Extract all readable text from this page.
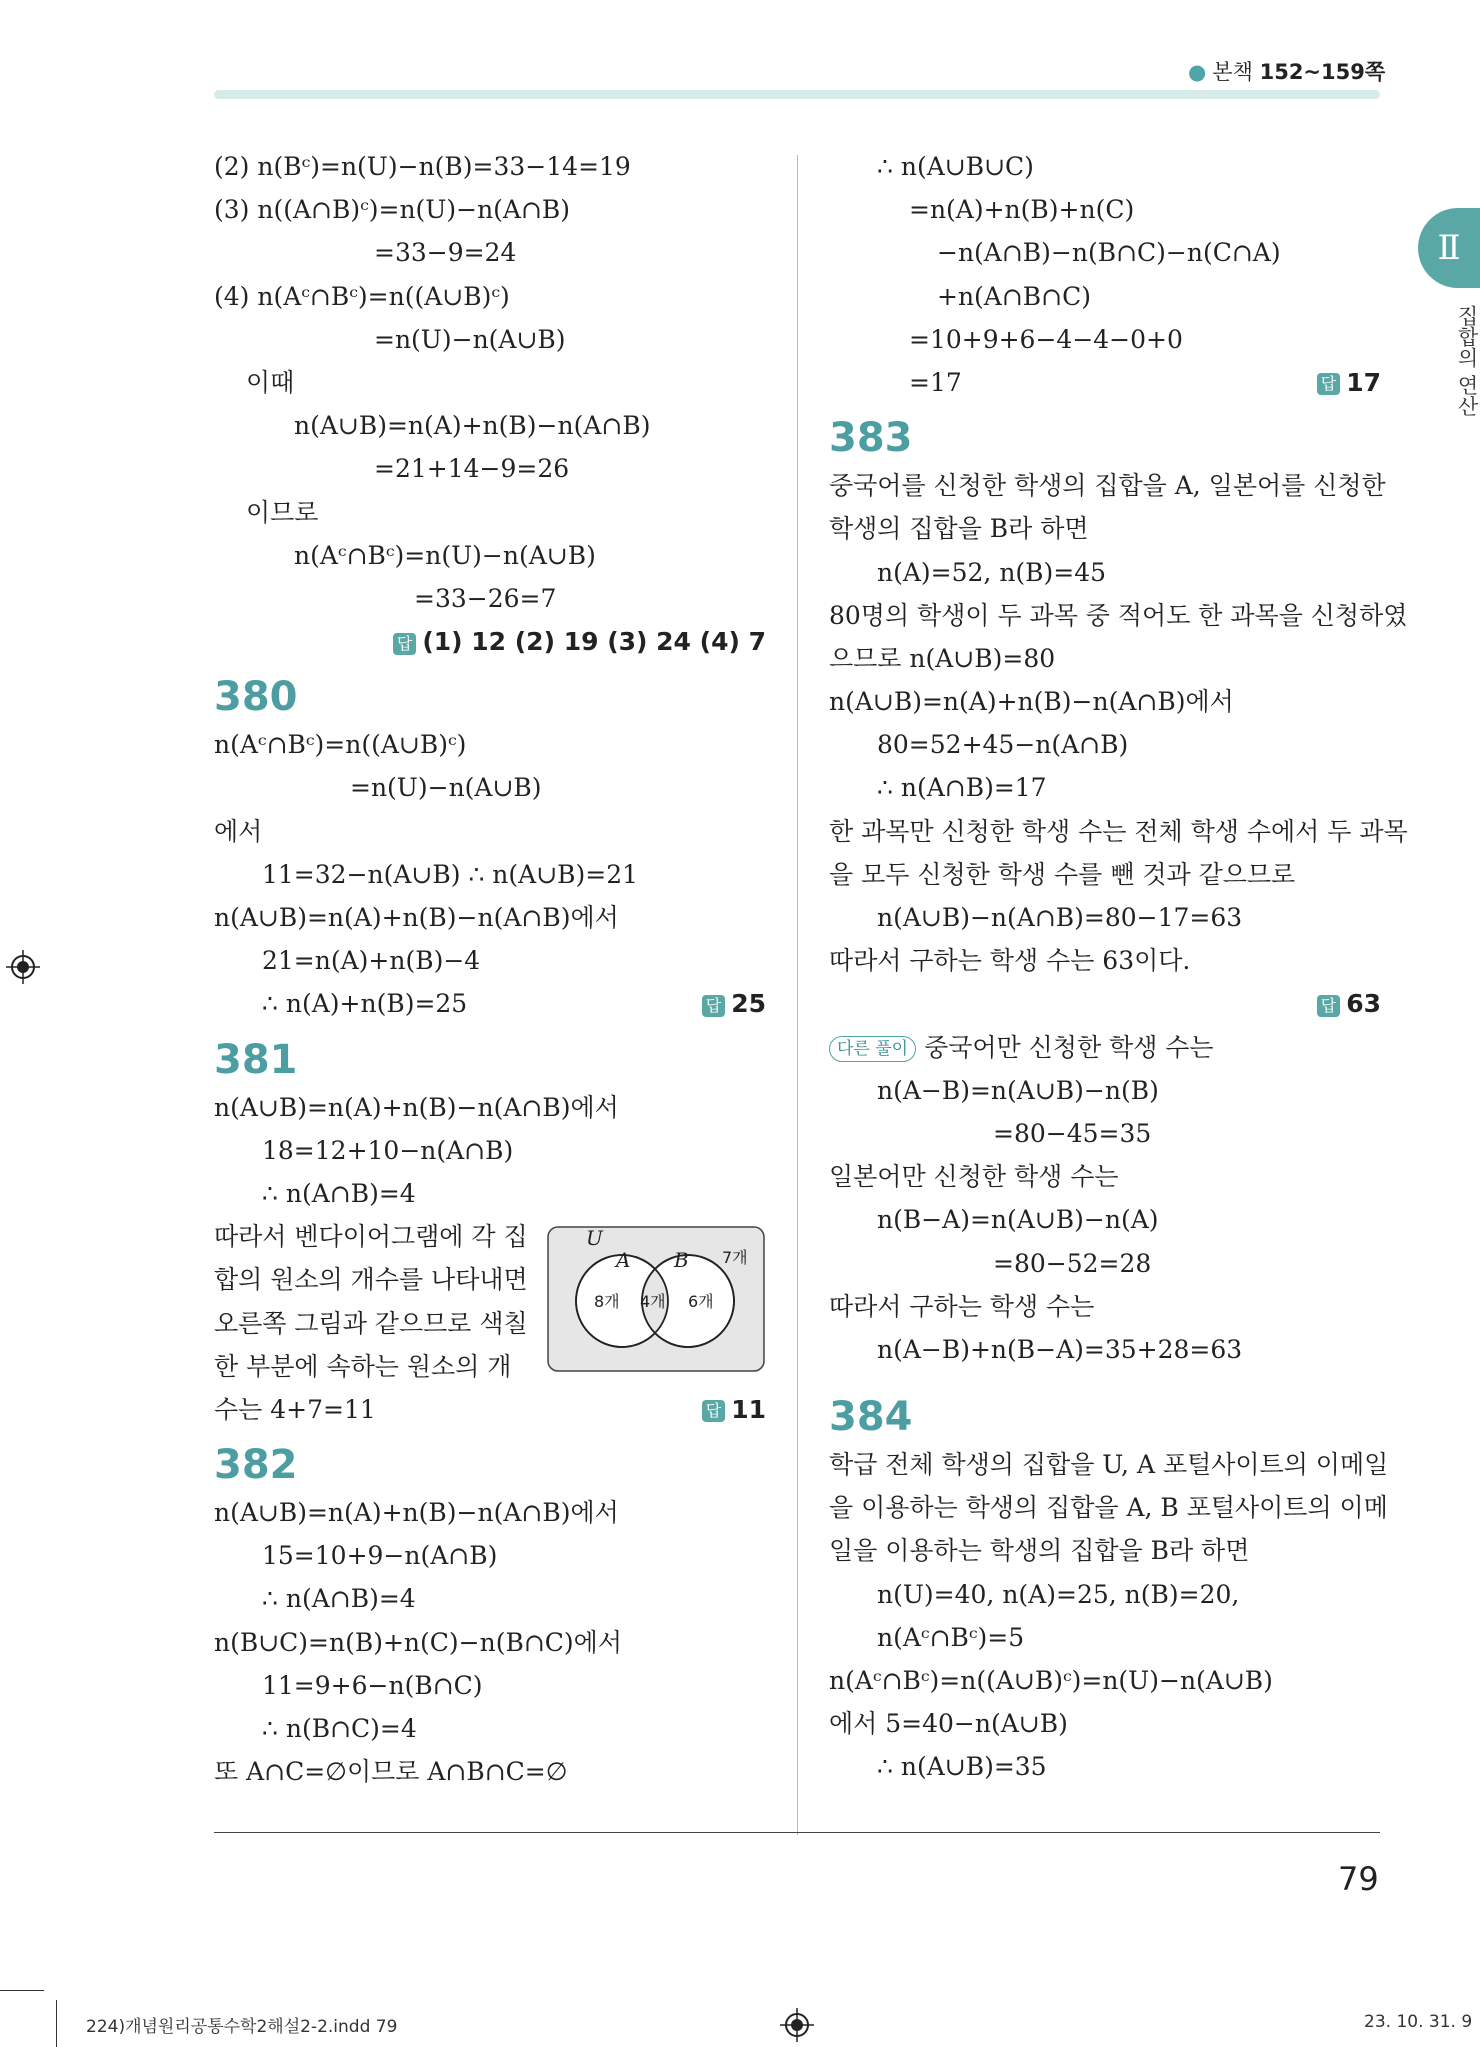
● 본책 152~159쪽
Ⅱ
집합의 연산
(2) n(Bᶜ)=n(U)−n(B)=33−14=19
(3) n((A∩B)ᶜ)=n(U)−n(A∩B)
=33−9=24
(4) n(Aᶜ∩Bᶜ)=n((A∪B)ᶜ)
=n(U)−n(A∪B)
이때
n(A∪B)=n(A)+n(B)−n(A∩B)
=21+14−9=26
이므로
n(Aᶜ∩Bᶜ)=n(U)−n(A∪B)
=33−26=7
답 (1) 12 (2) 19 (3) 24 (4) 7
380
n(Aᶜ∩Bᶜ)=n((A∪B)ᶜ)
=n(U)−n(A∪B)
에서
11=32−n(A∪B) ∴ n(A∪B)=21
n(A∪B)=n(A)+n(B)−n(A∩B)에서
21=n(A)+n(B)−4
∴ n(A)+n(B)=25	답 25
381
n(A∪B)=n(A)+n(B)−n(A∩B)에서
18=12+10−n(A∩B)
∴ n(A∩B)=4
따라서 벤다이어그램에 각 집
합의 원소의 개수를 나타내면
오른쪽 그림과 같으므로 색칠
한 부분에 속하는 원소의 개
수는 4+7=11	답 11
U
A B 7개
8개 4개 6개
382
n(A∪B)=n(A)+n(B)−n(A∩B)에서
15=10+9−n(A∩B)
∴ n(A∩B)=4
n(B∪C)=n(B)+n(C)−n(B∩C)에서
11=9+6−n(B∩C)
∴ n(B∩C)=4
또 A∩C=∅이므로 A∩B∩C=∅
∴ n(A∪B∪C)
=n(A)+n(B)+n(C)
−n(A∩B)−n(B∩C)−n(C∩A)
+n(A∩B∩C)
=10+9+6−4−4−0+0
=17	답 17
383
중국어를 신청한 학생의 집합을 A, 일본어를 신청한
학생의 집합을 B라 하면
n(A)=52, n(B)=45
80명의 학생이 두 과목 중 적어도 한 과목을 신청하였
으므로 n(A∪B)=80
n(A∪B)=n(A)+n(B)−n(A∩B)에서
80=52+45−n(A∩B)
∴ n(A∩B)=17
한 과목만 신청한 학생 수는 전체 학생 수에서 두 과목
을 모두 신청한 학생 수를 뺀 것과 같으므로
n(A∪B)−n(A∩B)=80−17=63
따라서 구하는 학생 수는 63이다.
답 63
다른 풀이 중국어만 신청한 학생 수는
n(A−B)=n(A∪B)−n(B)
=80−45=35
일본어만 신청한 학생 수는
n(B−A)=n(A∪B)−n(A)
=80−52=28
따라서 구하는 학생 수는
n(A−B)+n(B−A)=35+28=63
384
학급 전체 학생의 집합을 U, A 포털사이트의 이메일
을 이용하는 학생의 집합을 A, B 포털사이트의 이메
일을 이용하는 학생의 집합을 B라 하면
n(U)=40, n(A)=25, n(B)=20,
n(Aᶜ∩Bᶜ)=5
n(Aᶜ∩Bᶜ)=n((A∪B)ᶜ)=n(U)−n(A∪B)
에서 5=40−n(A∪B)
∴ n(A∪B)=35
79
224)개념원리공통수학2해설2-2.indd 79	23. 10. 31. 9
